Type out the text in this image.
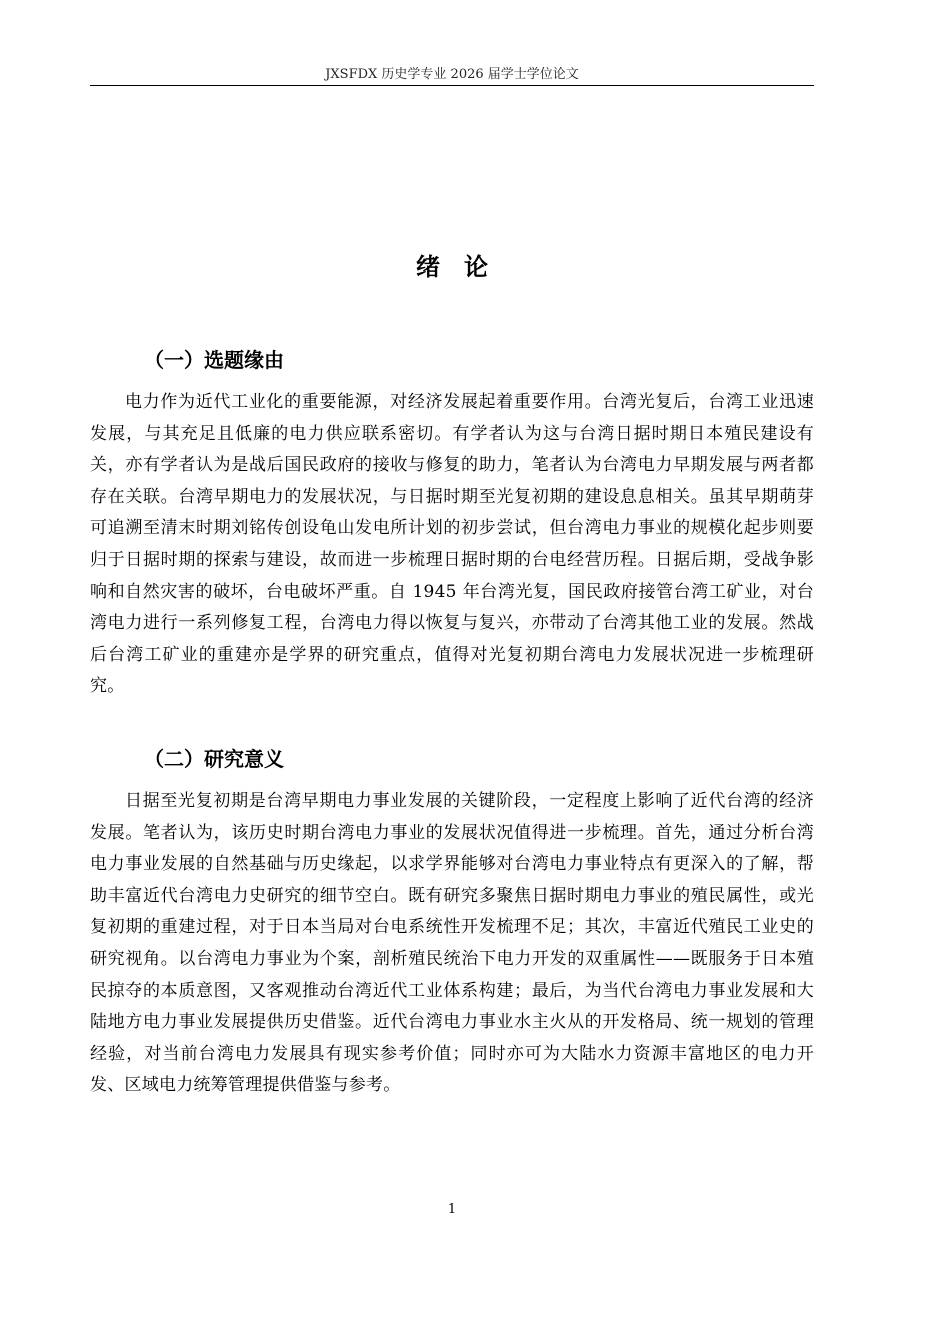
JXSFDX 历史学专业 2026 届学士学位论文
绪 论
（一）选题缘由

电力作为近代工业化的重要能源，对经济发展起着重要作用。台湾光复后，台湾工业迅速发展，与其充足且低廉的电力供应联系密切。有学者认为这与台湾日据时期日本殖民建设有关，亦有学者认为是战后国民政府的接收与修复的助力，笔者认为台湾电力早期发展与两者都存在关联。台湾早期电力的发展状况，与日据时期至光复初期的建设息息相关。虽其早期萌芽可追溯至清末时期刘铭传创设龟山发电所计划的初步尝试，但台湾电力事业的规模化起步则要归于日据时期的探索与建设，故而进一步梳理日据时期的台电经营历程。日据后期，受战争影响和自然灾害的破坏，台电破坏严重。自 1945 年台湾光复，国民政府接管台湾工矿业，对台湾电力进行一系列修复工程，台湾电力得以恢复与复兴，亦带动了台湾其他工业的发展。然战后台湾工矿业的重建亦是学界的研究重点，值得对光复初期台湾电力发展状况进一步梳理研究。

（二）研究意义

日据至光复初期是台湾早期电力事业发展的关键阶段，一定程度上影响了近代台湾的经济发展。笔者认为，该历史时期台湾电力事业的发展状况值得进一步梳理。首先，通过分析台湾电力事业发展的自然基础与历史缘起，以求学界能够对台湾电力事业特点有更深入的了解，帮助丰富近代台湾电力史研究的细节空白。既有研究多聚焦日据时期电力事业的殖民属性，或光复初期的重建过程，对于日本当局对台电系统性开发梳理不足；其次，丰富近代殖民工业史的研究视角。以台湾电力事业为个案，剖析殖民统治下电力开发的双重属性——既服务于日本殖民掠夺的本质意图，又客观推动台湾近代工业体系构建；最后，为当代台湾电力事业发展和大陆地方电力事业发展提供历史借鉴。近代台湾电力事业水主火从的开发格局、统一规划的管理经验，对当前台湾电力发展具有现实参考价值；同时亦可为大陆水力资源丰富地区的电力开发、区域电力统筹管理提供借鉴与参考。

1
